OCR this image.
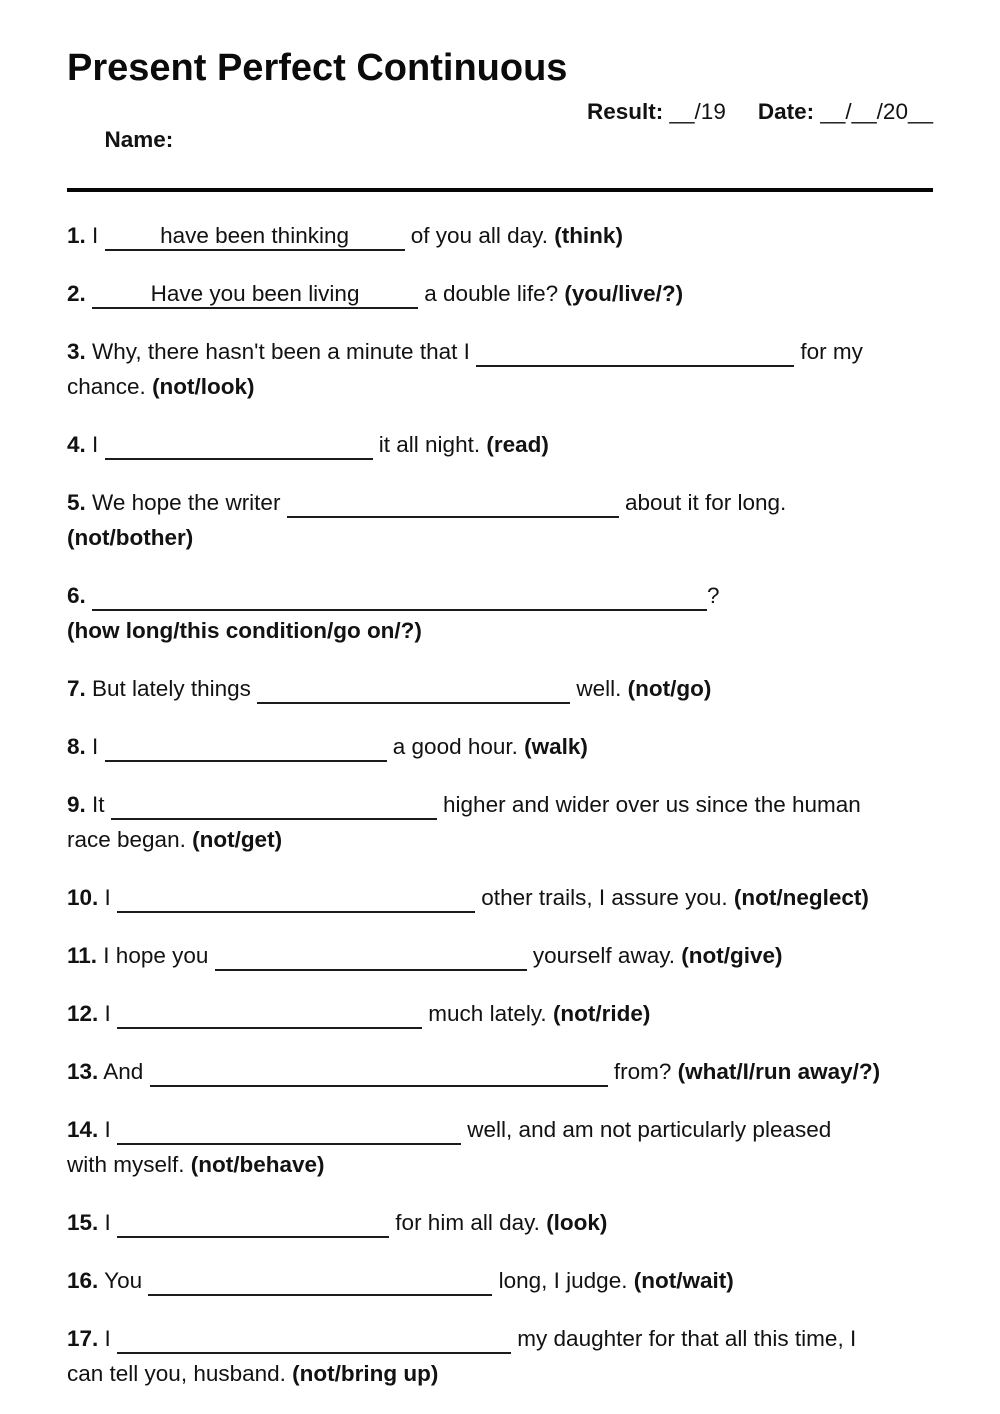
Present Perfect Continuous

Name:

Result: __/19 Date: __/__/20__
1. I have been thinking of you all day. (think)
2.	Have you been living	a double life? (you/live/?)
3. Why, there hasn't been a minute that I	for my
chance. (not/look)
4. I	it all night. (read)
5. We hope the writer	about it for long.
(not/bother)
6.	?
(how long/this condition/go on/?)
7. But lately things	well. (not/go)
8. I	a good hour. (walk)
9. It	higher and wider over us since the human
race began. (not/get)
10. I	other trails, I assure you. (not/neglect)
11. I hope you	yourself away. (not/give)
12. I	much lately. (not/ride)
13. And	from? (what/I/run away/?)
14. I	well, and am not particularly pleased
with myself. (not/behave)
15. I	for him all day. (look)
16. You	long, I judge. (not/wait)
17. I	my daughter for that all this time, I
can tell you, husband. (not/bring up)
